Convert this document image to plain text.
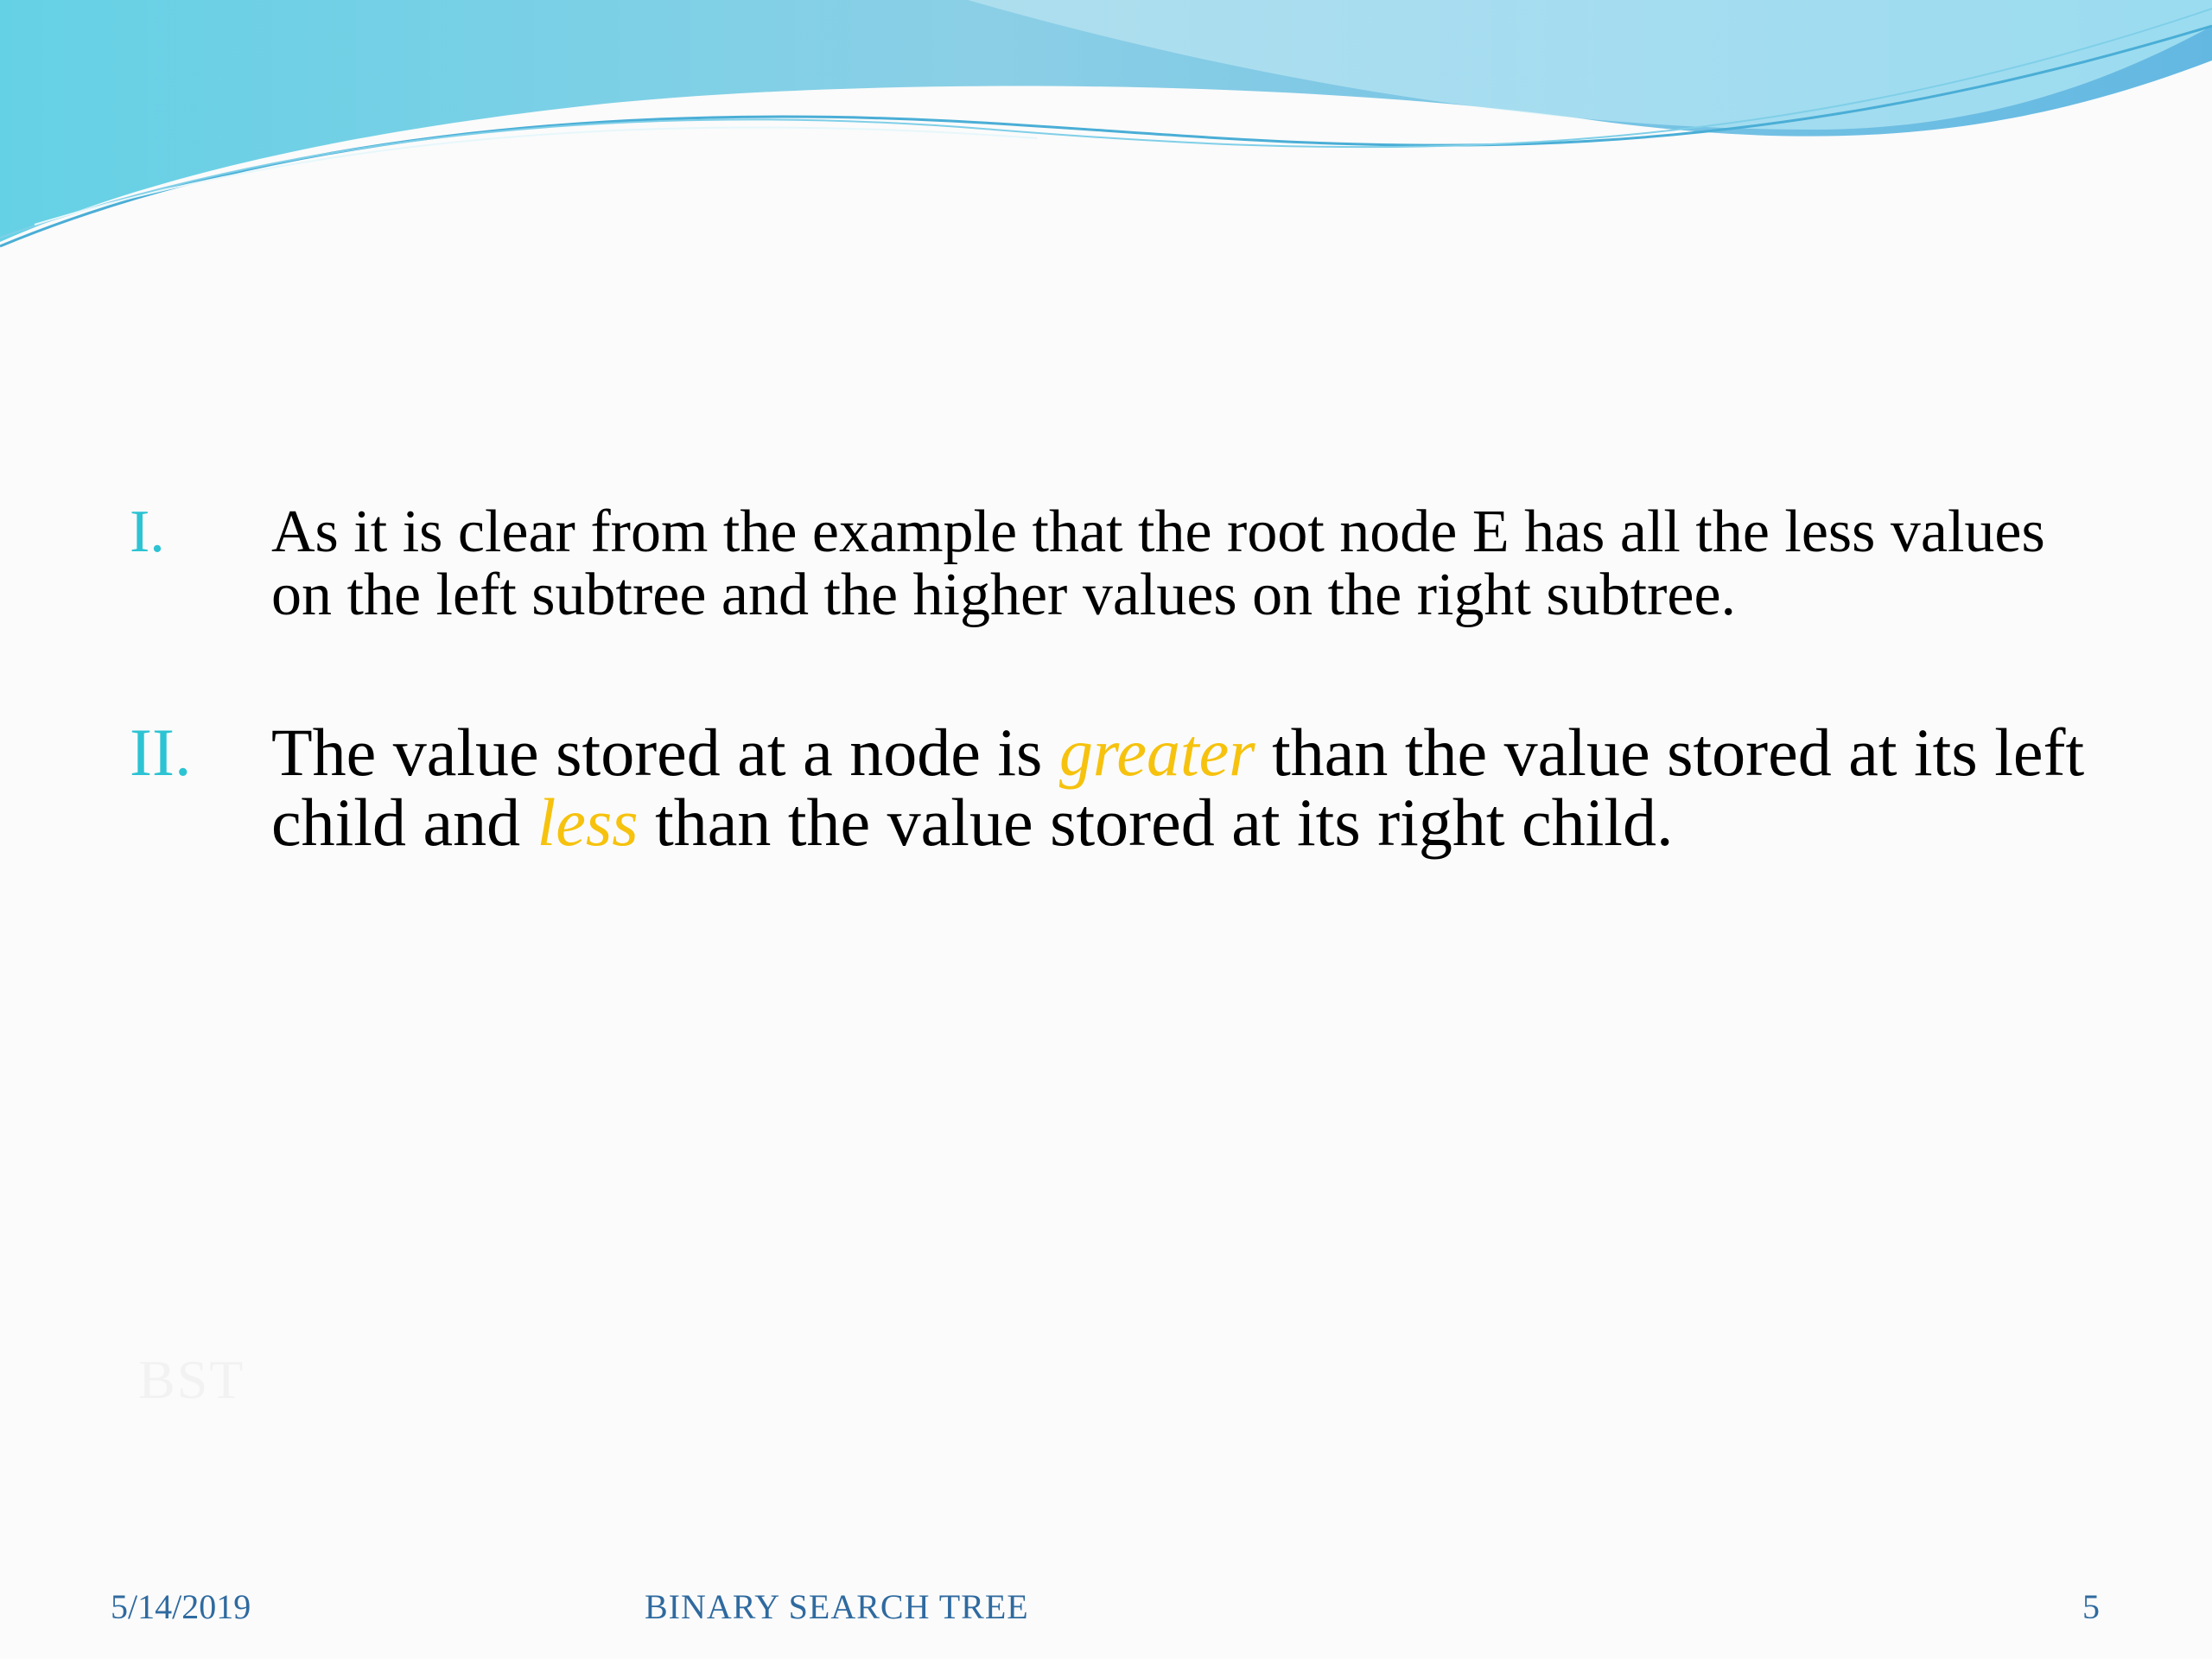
BST
I.	As it is clear from the example that the root node E has all the less values on the left subtree and the higher values on the right subtree.
II.	The value stored at a node is greater than the value stored at its left child and less than the value stored at its right child.
5/14/2019	BINARY SEARCH TREE	5
